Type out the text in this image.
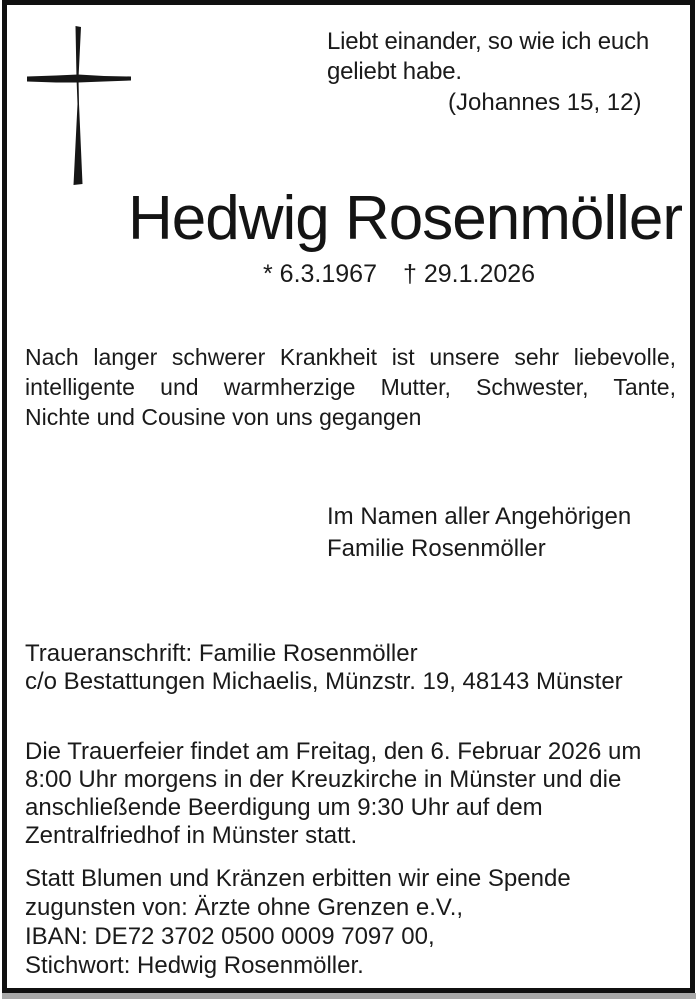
Liebt einander, so wie ich euch
geliebt habe.
(Johannes 15, 12)
Hedwig Rosenmöller
* 6.3.1967 † 29.1.2026
Nach langer schwerer Krankheit ist unsere sehr liebevolle,
intelligente und warmherzige Mutter, Schwester, Tante,
Nichte und Cousine von uns gegangen
Im Namen aller Angehörigen
Familie Rosenmöller
Traueranschrift: Familie Rosenmöller
c/o Bestattungen Michaelis, Münzstr. 19, 48143 Münster
Die Trauerfeier findet am Freitag, den 6. Februar 2026 um
8:00 Uhr morgens in der Kreuzkirche in Münster und die
anschließende Beerdigung um 9:30 Uhr auf dem
Zentralfriedhof in Münster statt.
Statt Blumen und Kränzen erbitten wir eine Spende
zugunsten von: Ärzte ohne Grenzen e.V.,
IBAN: DE72 3702 0500 0009 7097 00,
Stichwort: Hedwig Rosenmöller.
